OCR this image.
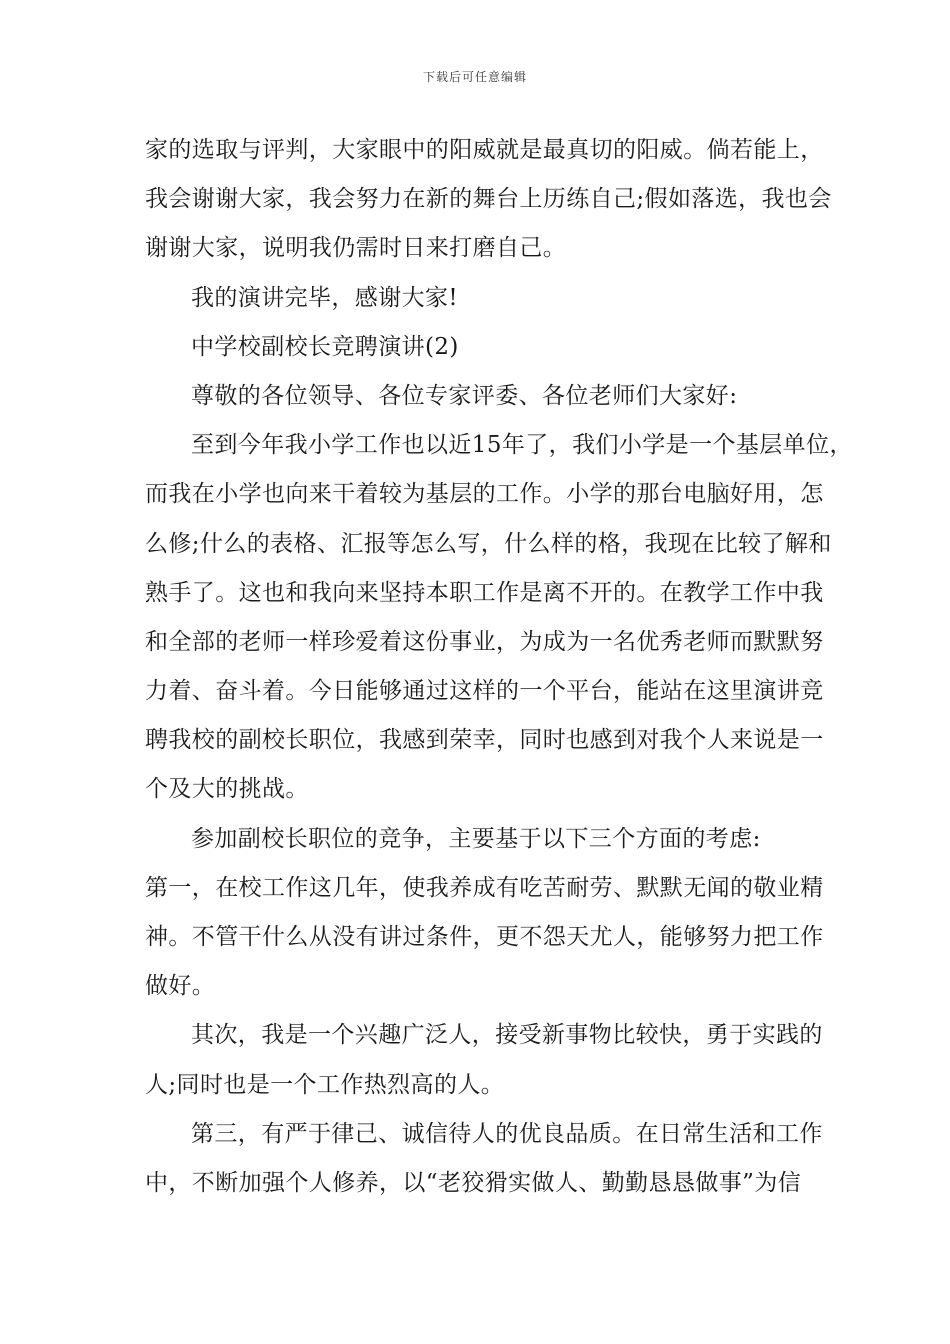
下载后可任意编辑
家的选取与评判，大家眼中的阳威就是最真切的阳威。倘若能上，
我会谢谢大家，我会努力在新的舞台上历练自己;假如落选，我也会
谢谢大家，说明我仍需时日来打磨自己。
我的演讲完毕，感谢大家!
中学校副校长竞聘演讲(2)
尊敬的各位领导、各位专家评委、各位老师们大家好:
至到今年我小学工作也以近15年了，我们小学是一个基层单位，
而我在小学也向来干着较为基层的工作。小学的那台电脑好用，怎
么修;什么的表格、汇报等怎么写，什么样的格，我现在比较了解和
熟手了。这也和我向来坚持本职工作是离不开的。在教学工作中我
和全部的老师一样珍爱着这份事业，为成为一名优秀老师而默默努
力着、奋斗着。今日能够通过这样的一个平台，能站在这里演讲竞
聘我校的副校长职位，我感到荣幸，同时也感到对我个人来说是一
个及大的挑战。
参加副校长职位的竞争，主要基于以下三个方面的考虑:
第一，在校工作这几年，使我养成有吃苦耐劳、默默无闻的敬业精
神。不管干什么从没有讲过条件，更不怨天尤人，能够努力把工作
做好。
其次，我是一个兴趣广泛人，接受新事物比较快，勇于实践的
人;同时也是一个工作热烈高的人。
第三，有严于律己、诚信待人的优良品质。在日常生活和工作
中，不断加强个人修养，以“老狡猾实做人、勤勤恳恳做事”为信
